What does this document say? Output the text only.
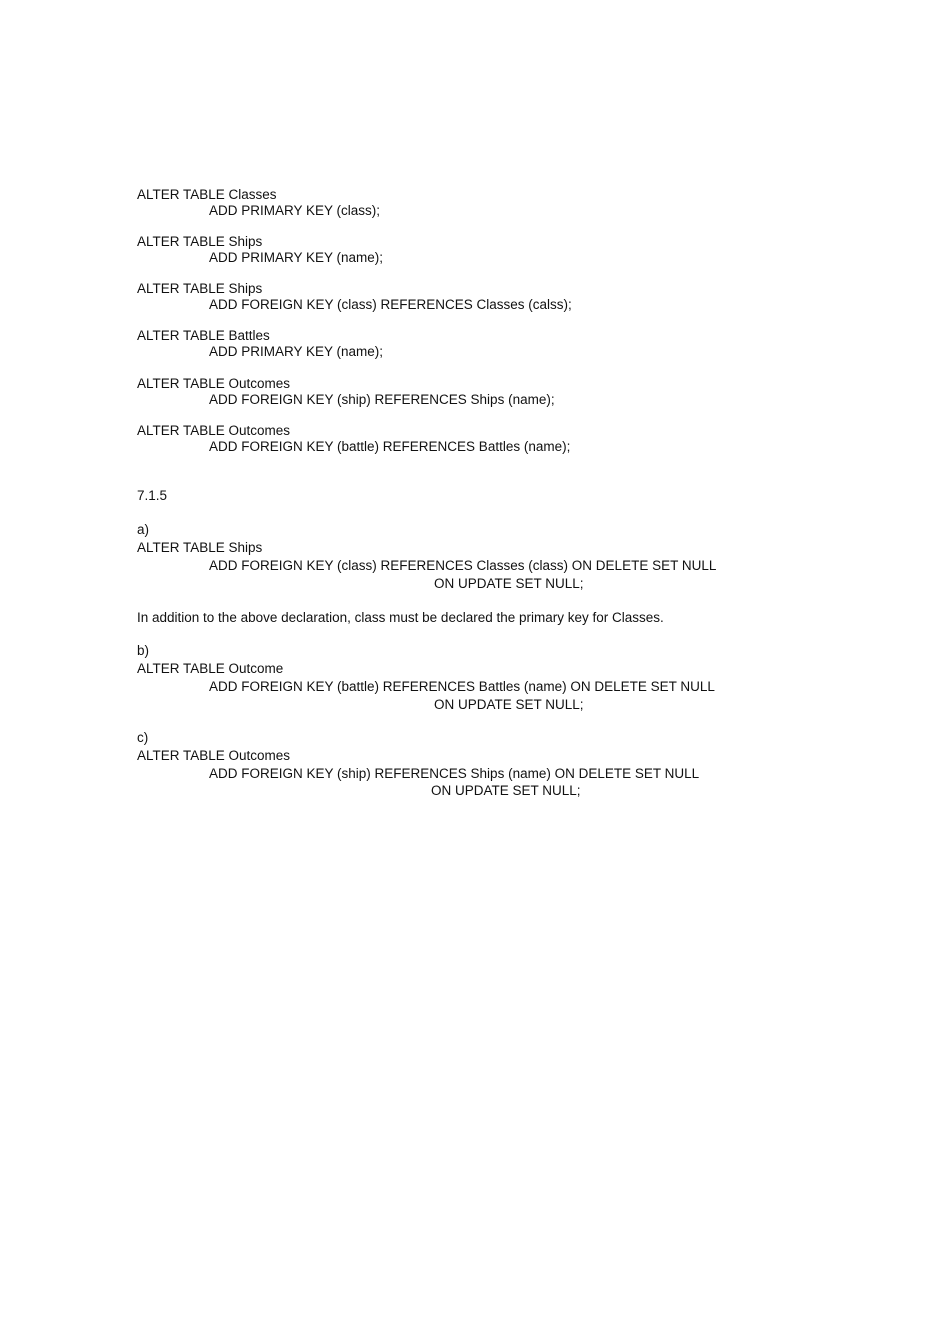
ALTER TABLE Classes

ADD PRIMARY KEY (class);

ALTER TABLE Ships

ADD PRIMARY KEY (name);

ALTER TABLE Ships

ADD FOREIGN KEY (class) REFERENCES Classes (calss);

ALTER TABLE Battles

ADD PRIMARY KEY (name);

ALTER TABLE Outcomes

ADD FOREIGN KEY (ship) REFERENCES Ships (name);

ALTER TABLE Outcomes

ADD FOREIGN KEY (battle) REFERENCES Battles (name);

7.1.5

a)

ALTER TABLE Ships

ADD FOREIGN KEY (class) REFERENCES Classes (class) ON DELETE SET NULL

ON UPDATE SET NULL;

In addition to the above declaration, class must be declared the primary key for Classes.

b)

ALTER TABLE Outcome

ADD FOREIGN KEY (battle) REFERENCES Battles (name) ON DELETE SET NULL

ON UPDATE SET NULL;

c)

ALTER TABLE Outcomes

ADD FOREIGN KEY (ship) REFERENCES Ships (name) ON DELETE SET NULL

ON UPDATE SET NULL;
